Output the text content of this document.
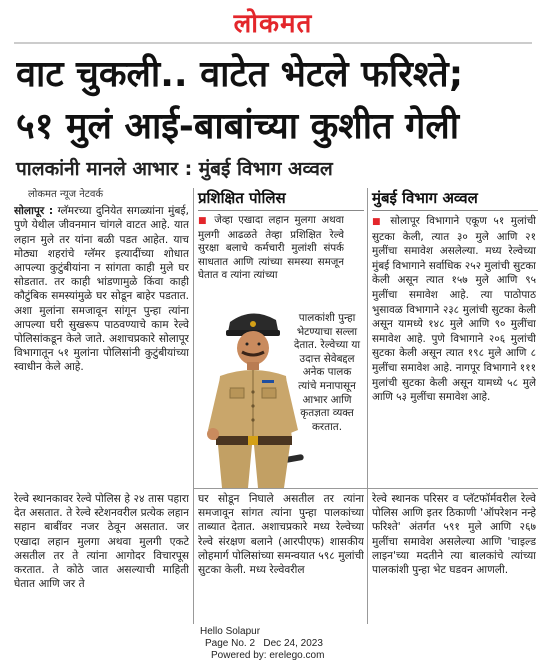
लोकमत
वाट चुकली.. वाटेत भेटले फरिश्ते;
५१ मुलं आई-बाबांच्या कुशीत गेली
पालकांनी मानले आभार : मुंबई विभाग अव्वल
लोकमत न्यूज नेटवर्क

सोलापूर : ग्लॅमरच्या दुनियेत सगळ्यांना मुंबई, पुणे येथील जीवनमान चांगले वाटत आहे. यात लहान मुले तर यांना बळी पडत आहेत. याच मोठ्या शहरांचे ग्लॅमर इत्यादींच्या शोधात आपल्या कुटुंबीयांना न सांगता काही मुले घर सोडतात. तर काही भांडणामुळे किंवा काही कौटुंबिक समस्यांमुळे घर सोडून बाहेर पडतात. अशा मुलांना समजावून सांगून पुन्हा त्यांना आपल्या घरी सुखरूप पाठवण्याचे काम रेल्वे पोलिसांकडून केले जाते. अशाचप्रकारे सोलापूर विभागातून ५१ मुलांना पोलिसांनी कुटुंबीयांच्या स्वाधीन केले आहे.

प्रशिक्षित पोलिस

■ जेव्हा एखादा लहान मुलगा अथवा मुलगी आढळते तेव्हा प्रशिक्षित रेल्वे सुरक्षा बलाचे कर्मचारी मुलांशी संपर्क साधतात आणि त्यांच्या समस्या समजून घेतात व त्यांना त्यांच्या

पालकांशी पुन्हा भेटण्याचा सल्ला देतात. रेल्वेच्या या उदात्त सेवेबद्दल अनेक पालक त्यांचे मनापासून आभार आणि कृतज्ञता व्यक्त करतात.
मुंबई विभाग अव्वल

■ सोलापूर विभागाने एकूण ५१ मुलांची सुटका केली, त्यात ३० मुले आणि २१ मुलींचा समावेश असलेल्या. मध्य रेल्वेच्या मुंबई विभागाने सर्वाधिक २५२ मुलांची सुटका केली असून त्यात १५७ मुले आणि ९५ मुलींचा समावेश आहे. त्या पाठोपाठ भुसावळ विभागाने २३८ मुलांची सुटका केली असून यामध्ये १४८ मुले आणि ९० मुलींचा समावेश आहे. पुणे विभागाने २०६ मुलांची सुटका केली असून त्यात १९८ मुले आणि ८ मुलींचा समावेश आहे. नागपूर विभागाने १११ मुलांची सुटका केली असून यामध्ये ५८ मुले आणि ५३ मुलींचा समावेश आहे.

रेल्वे स्थानकावर रेल्वे पोलिस हे २४ तास पहारा देत असतात. ते रेल्वे स्टेशनवरील प्रत्येक लहान सहान बाबींवर नजर ठेवून असतात. जर एखादा लहान मुलगा अथवा मुलगी एकटे असतील तर ते त्यांना आगोदर विचारपूस करतात. ते कोठे जात असल्याची माहिती घेतात आणि जर ते

घर सोडून निघाले असतील तर त्यांना समजावून सांगत त्यांना पुन्हा पालकांच्या ताब्यात देतात. अशाचप्रकारे मध्य रेल्वेच्या रेल्वे संरक्षण बलाने (आरपीएफ) शासकीय लोहमार्ग पोलिसांच्या समन्वयात ५९८ मुलांची सुटका केली. मध्य रेल्वेवरील

रेल्वे स्थानक परिसर व प्लॅटफॉर्मवरील रेल्वे पोलिस आणि इतर ठिकाणी 'ऑपरेशन नन्हे फरिश्ते' अंतर्गत ५९१ मुले आणि २६७ मुलींचा समावेश असलेल्या आणि 'चाइल्ड लाइन'च्या मदतीने त्या बालकांचे त्यांच्या पालकांशी पुन्हा भेट घडवन आणली.

Hello Solapur
Page No. 2 Dec 24, 2023
Powered by: erelego.com
